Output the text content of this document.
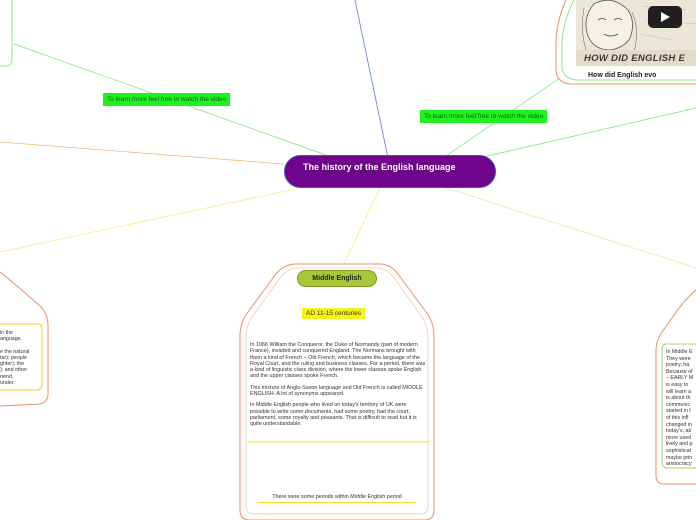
To learn more feel free to watch the video
To learn more feel free to watch the video
HOW DID ENGLISH E
How did English evo
The history of the English language
Middle English
AD 11-15 centuries

In 1066 William the Conqueror, the Duke of Normandy (part of modern France), invaded and conquered England. The Normans brought with them a kind of French – Old French, which became the language of the Royal Court, and the ruling and business classes. For a period, there was a kind of linguistic class division, where the lower classes spoke English and the upper classes spoke French.

This mixture of Anglo-Saxon language and Old French is called MIDDLE ENGLISH. A lot of synonyms appeared.

In Middle English people who lived on today's territory of UK were possible to write some documents, had some poetry, had the court, parliament, some royalty and peasants. That is difficult to read but it is quite understandable.

There were some periods within Middle English period
in the
anguage.
e the natural
tar); people
ghter); the
); and other
riend,
under.
In Middle E
They were
poetry, ha
Because of
– EARLY M
is easy to
will learn a
is about th
communic
started in t
of this infl
changed in
today's, ab
more used
lively and p
sophisticat
maybe prin
aristocracy
